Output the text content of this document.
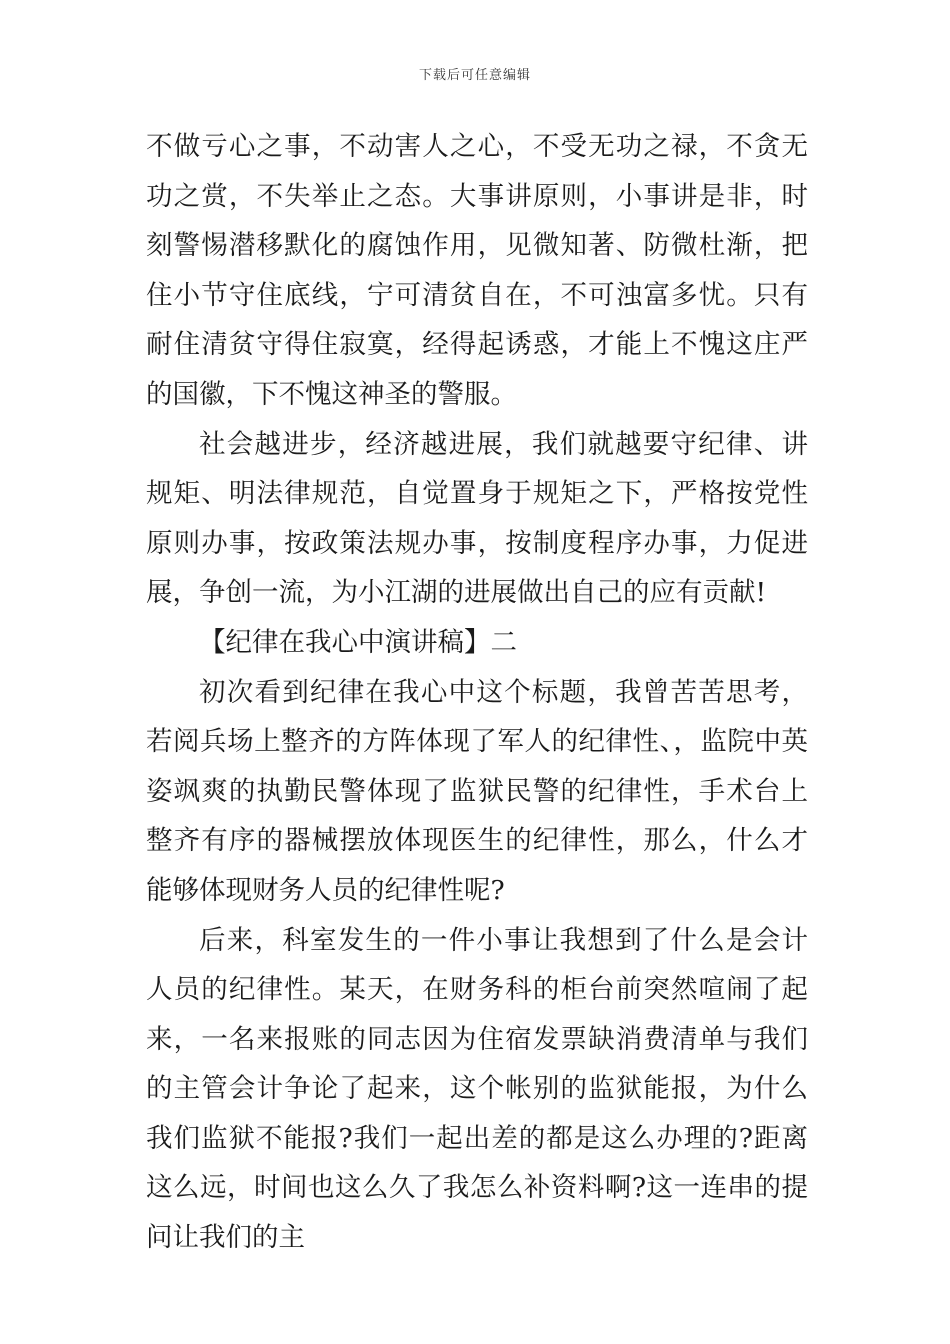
下载后可任意编辑

不做亏心之事，不动害人之心，不受无功之禄，不贪无功之赏，不失举止之态。大事讲原则，小事讲是非，时刻警惕潜移默化的腐蚀作用，见微知著、防微杜渐，把住小节守住底线，宁可清贫自在，不可浊富多忧。只有耐住清贫守得住寂寞，经得起诱惑，才能上不愧这庄严的国徽，下不愧这神圣的警服。

社会越进步，经济越进展，我们就越要守纪律、讲规矩、明法律规范，自觉置身于规矩之下，严格按党性原则办事，按政策法规办事，按制度程序办事，力促进展，争创一流，为小江湖的进展做出自己的应有贡献!

【纪律在我心中演讲稿】二

初次看到纪律在我心中这个标题，我曾苦苦思考，若阅兵场上整齐的方阵体现了军人的纪律性、，监院中英姿飒爽的执勤民警体现了监狱民警的纪律性，手术台上整齐有序的器械摆放体现医生的纪律性，那么，什么才能够体现财务人员的纪律性呢?

后来，科室发生的一件小事让我想到了什么是会计人员的纪律性。某天，在财务科的柜台前突然喧闹了起来，一名来报账的同志因为住宿发票缺消费清单与我们的主管会计争论了起来，这个帐别的监狱能报，为什么我们监狱不能报?我们一起出差的都是这么办理的?距离这么远，时间也这么久了我怎么补资料啊?这一连串的提问让我们的主
